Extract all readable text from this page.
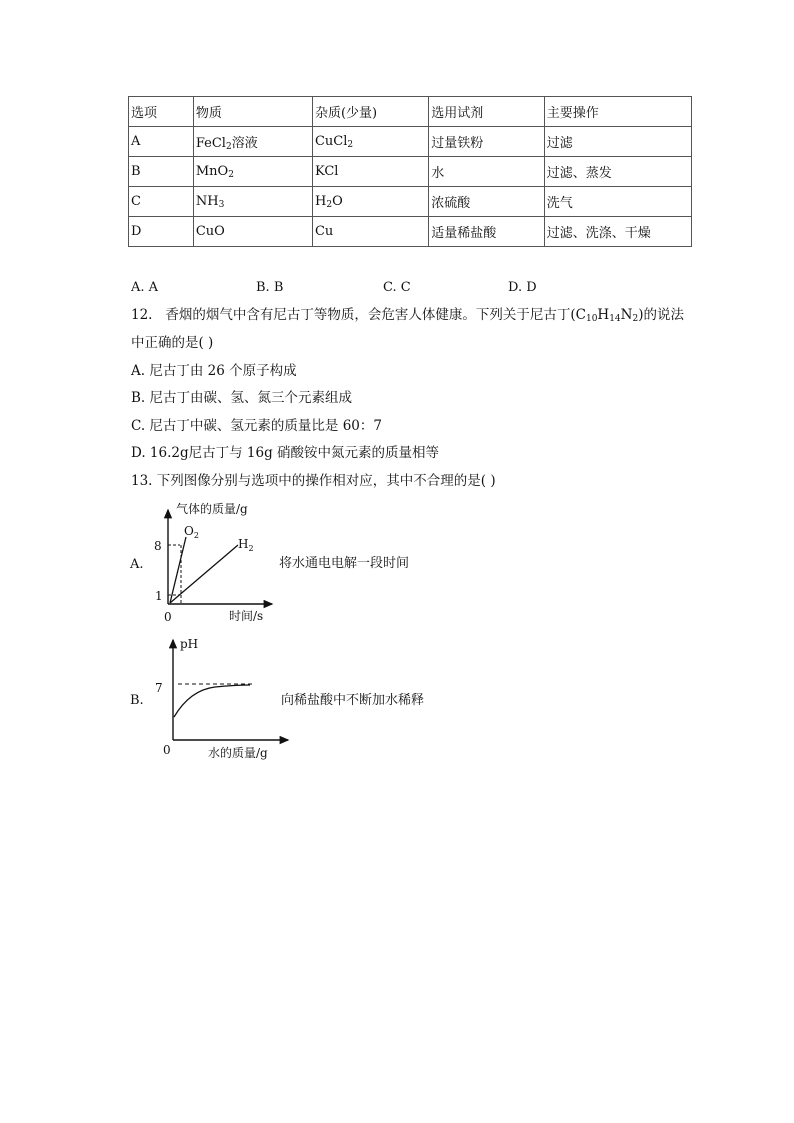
选项	物质	杂质(少量)	选用试剂	主要操作
A	FeCl$_2$溶液	CuCl$_2$	过量铁粉	过滤
B	MnO$_2$	KCl	水	过滤、蒸发
C	$NH_3$	$H_2O$	浓硫酸	洗气
D	CuO	Cu	适量稀盐酸	过滤、洗涤、干燥
A. A	B. B	C. C	D. D
12. 香烟的烟气中含有尼古丁等物质，会危害人体健康。下列关于尼古丁$(C_{10}H_{14}N_2)$的说法
中正确的是( )
A. 尼古丁由 26 个原子构成
B. 尼古丁由碳、氢、氮三个元素组成
C. 尼古丁中碳、氢元素的质量比是 60：7
D. 16.2g尼古丁与 16g 硝酸铵中氮元素的质量相等
13. 下列图像分别与选项中的操作相对应，其中不合理的是( )
A.
气体的质量/g
时间/s
0
8
1
$O_2$
$H_2$
将水通电电解一段时间
B.
pH
水的质量/g
0
7
向稀盐酸中不断加水稀释
